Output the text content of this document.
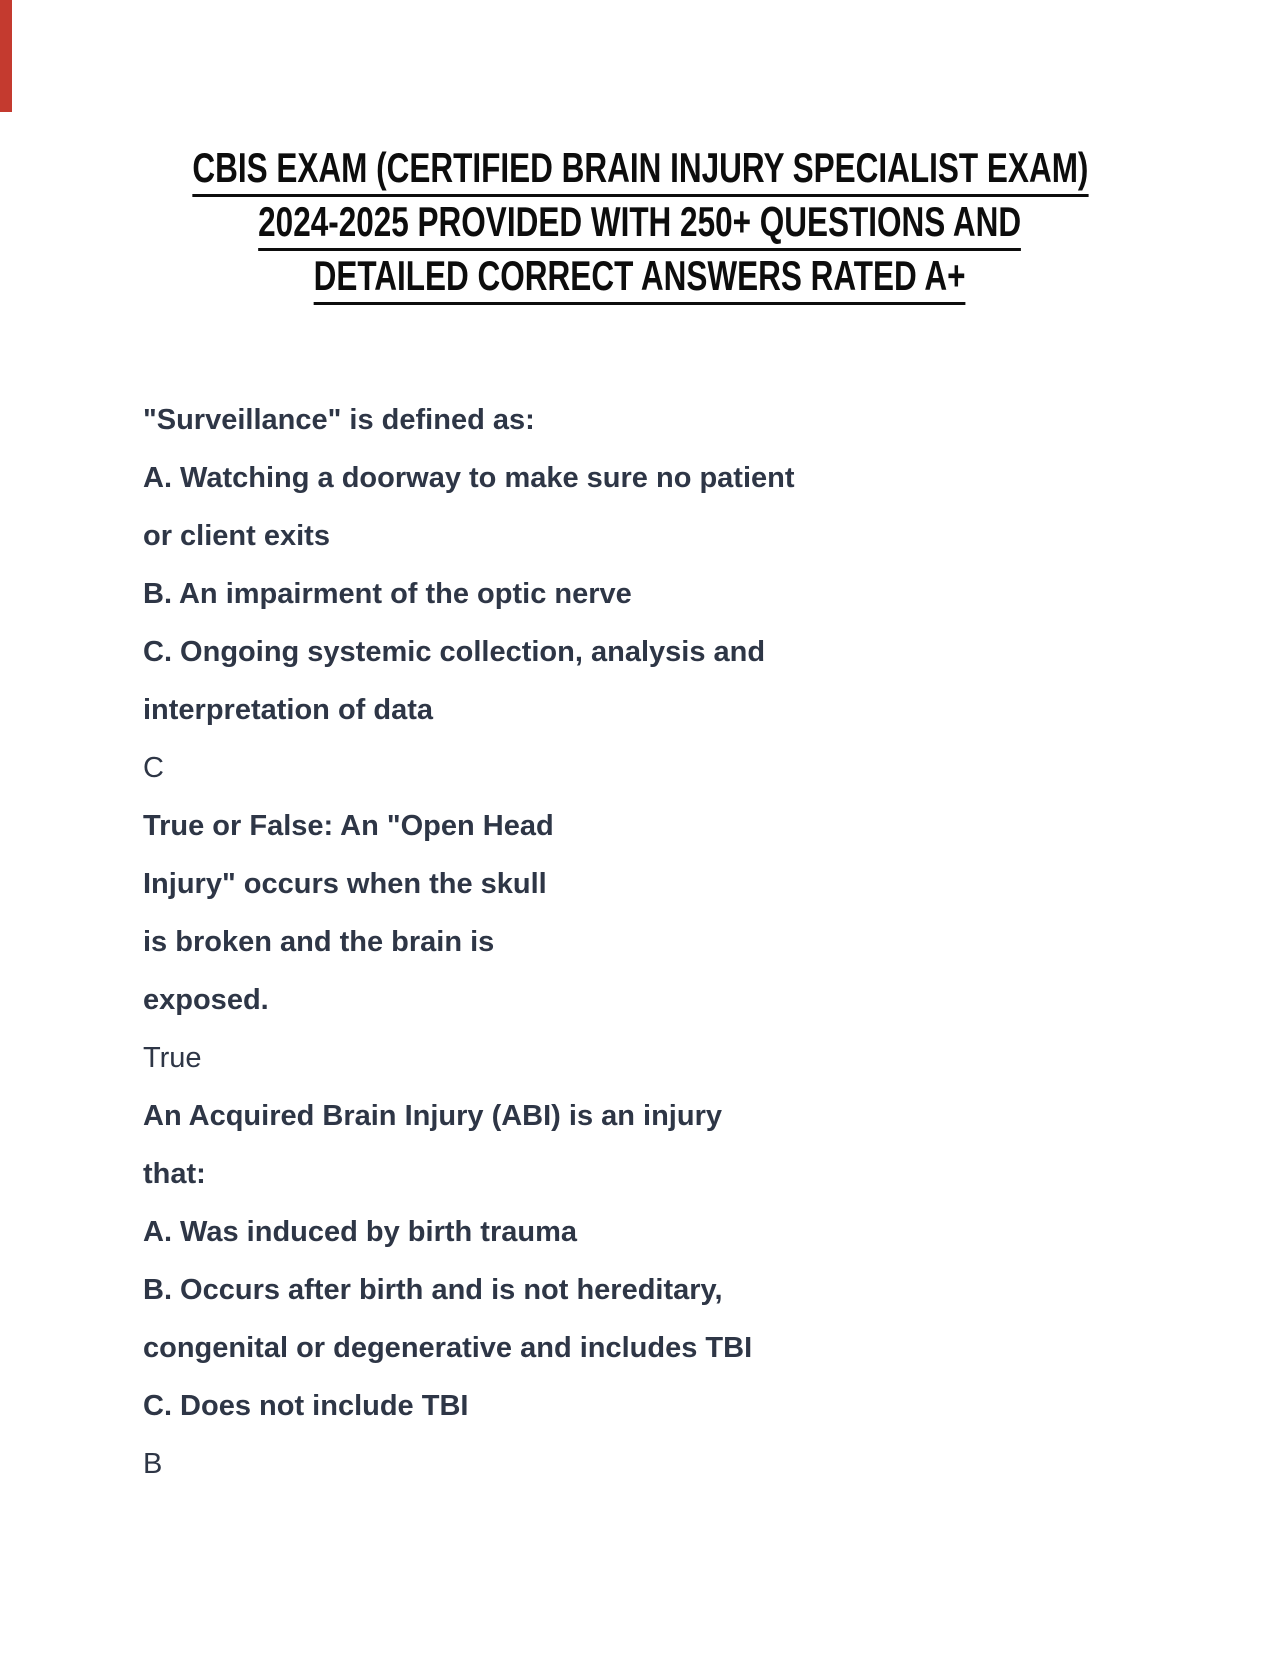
CBIS EXAM (CERTIFIED BRAIN INJURY SPECIALIST EXAM)
2024-2025 PROVIDED WITH 250+ QUESTIONS AND
DETAILED CORRECT ANSWERS RATED A+
"Surveillance" is defined as:
A. Watching a doorway to make sure no patient
or client exits
B. An impairment of the optic nerve
C. Ongoing systemic collection, analysis and
interpretation of data
C
True or False: An "Open Head
Injury" occurs when the skull
is broken and the brain is
exposed.
True
An Acquired Brain Injury (ABI) is an injury
that:
A. Was induced by birth trauma
B. Occurs after birth and is not hereditary,
congenital or degenerative and includes TBI
C. Does not include TBI
B
